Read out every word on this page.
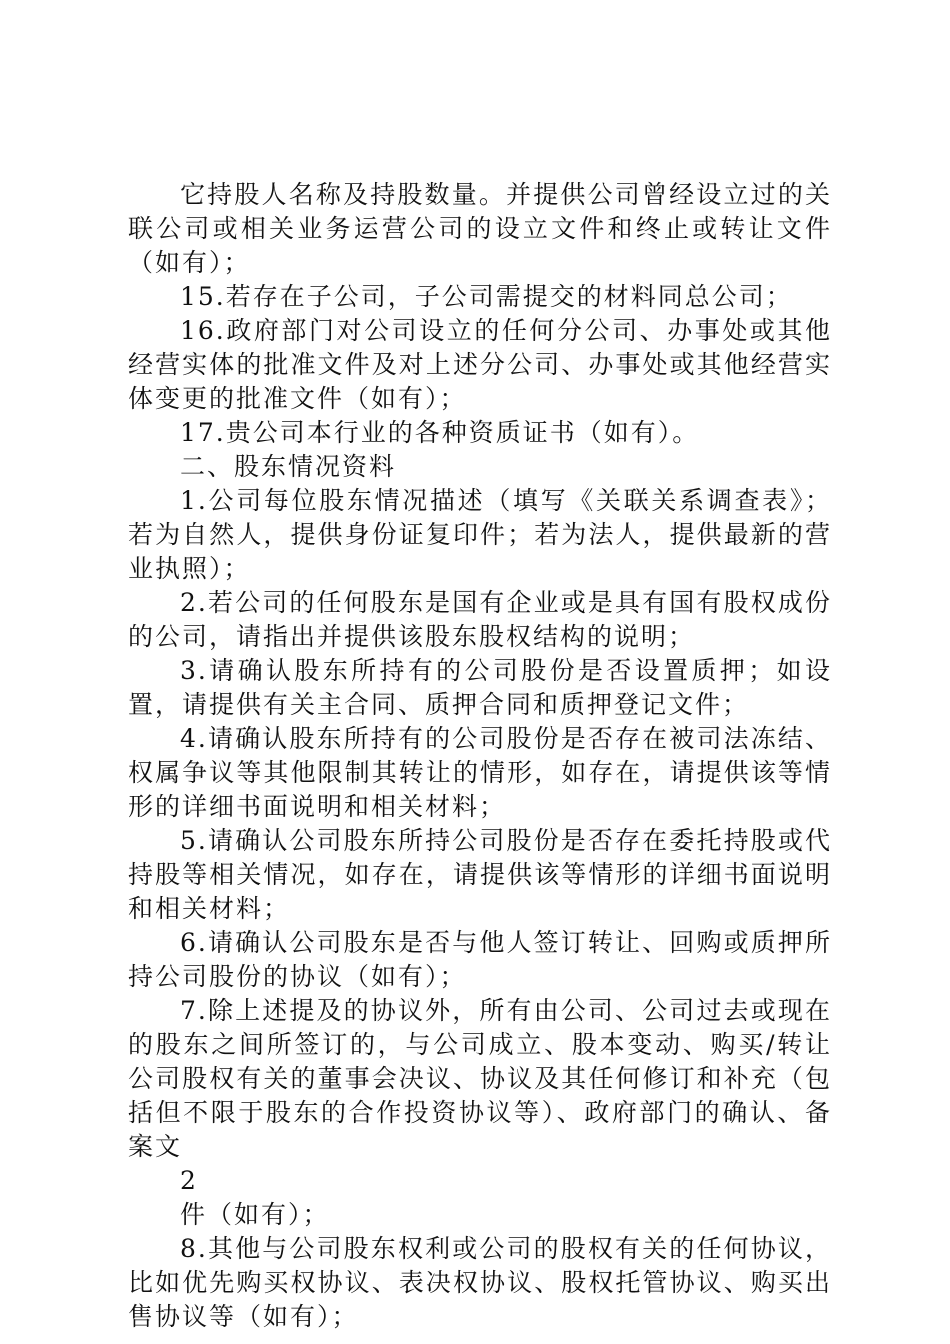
它持股人名称及持股数量。并提供公司曾经设立过的关联公司或相关业务运营公司的设立文件和终止或转让文件（如有）；

15.若存在子公司，子公司需提交的材料同总公司；

16.政府部门对公司设立的任何分公司、办事处或其他经营实体的批准文件及对上述分公司、办事处或其他经营实体变更的批准文件（如有）；

17.贵公司本行业的各种资质证书（如有）。

二、股东情况资料

1.公司每位股东情况描述（填写《关联关系调查表》；若为自然人，提供身份证复印件；若为法人，提供最新的营业执照）；

2.若公司的任何股东是国有企业或是具有国有股权成份的公司，请指出并提供该股东股权结构的说明；

3.请确认股东所持有的公司股份是否设置质押；如设置，请提供有关主合同、质押合同和质押登记文件；

4.请确认股东所持有的公司股份是否存在被司法冻结、权属争议等其他限制其转让的情形，如存在，请提供该等情形的详细书面说明和相关材料；

5.请确认公司股东所持公司股份是否存在委托持股或代持股等相关情况，如存在，请提供该等情形的详细书面说明和相关材料；

6.请确认公司股东是否与他人签订转让、回购或质押所持公司股份的协议（如有）；

7.除上述提及的协议外，所有由公司、公司过去或现在的股东之间所签订的，与公司成立、股本变动、购买/转让公司股权有关的董事会决议、协议及其任何修订和补充（包括但不限于股东的合作投资协议等）、政府部门的确认、备案文

2

件（如有）；

8.其他与公司股东权利或公司的股权有关的任何协议，比如优先购买权协议、表决权协议、股权托管协议、购买出售协议等（如有）；
